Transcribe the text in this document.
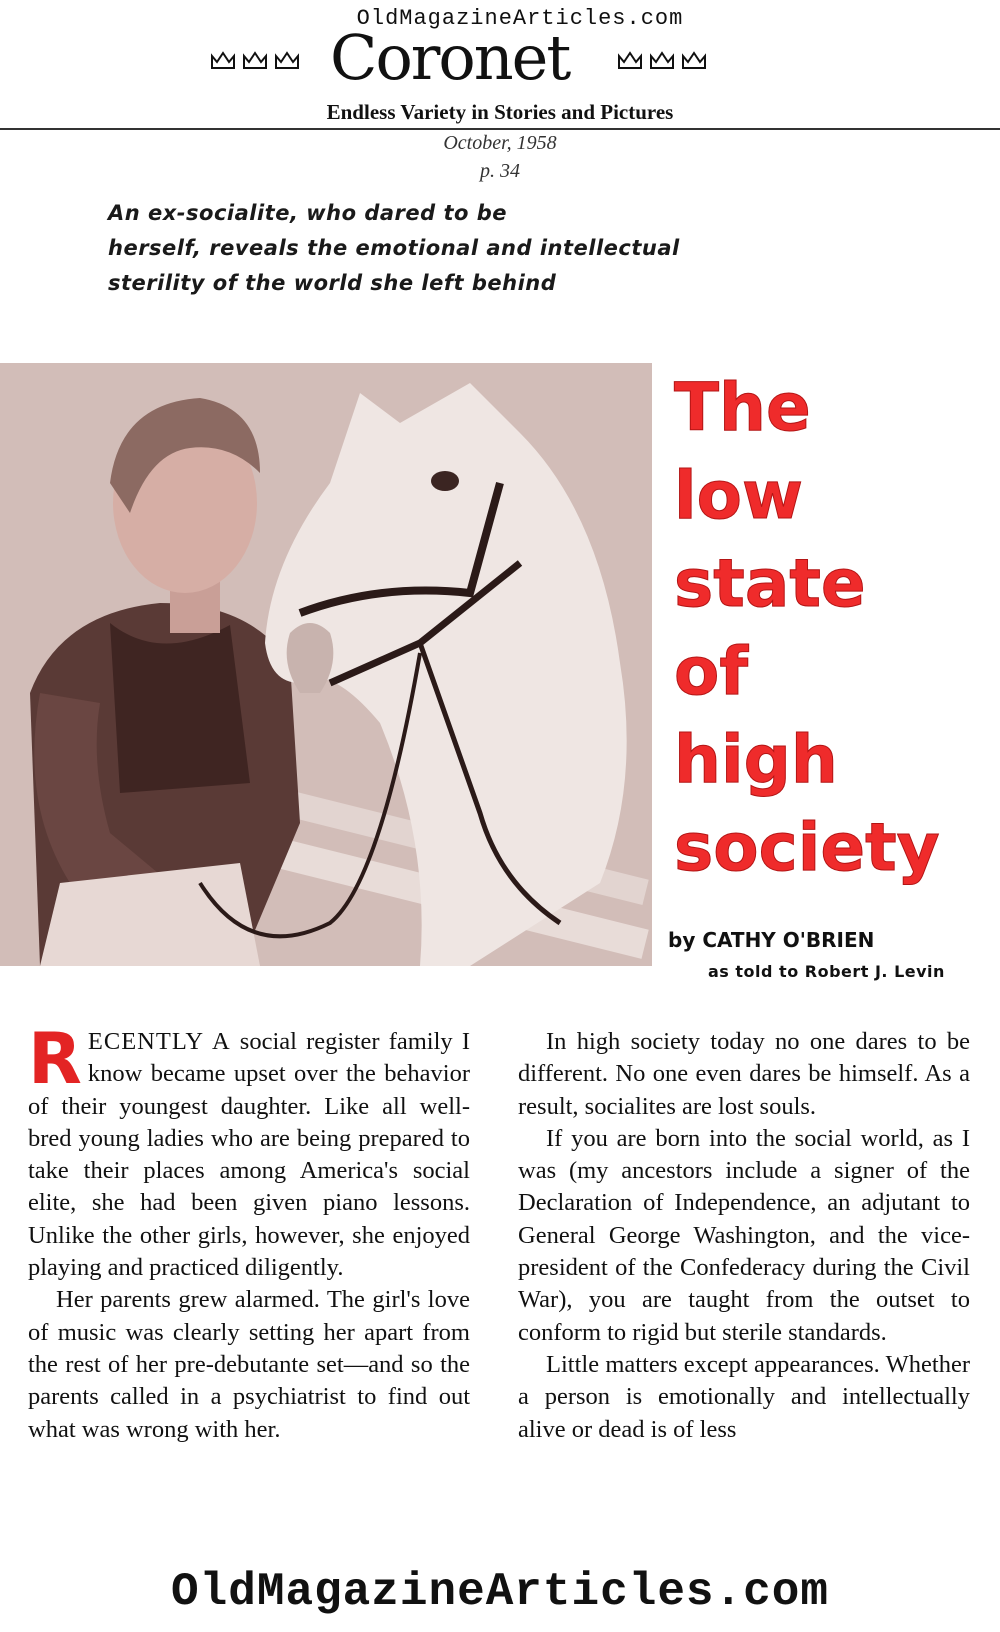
OldMagazineArticles.com
Coronet
Endless Variety in Stories and Pictures
October, 1958
p. 34
An ex-socialite, who dared to be
herself, reveals the emotional and intellectual
sterility of the world she left behind
The
low
state
of
high
society
by CATHY O'BRIEN
as told to Robert J. Levin

RECENTLY A social register family I know became upset over the behavior of their youngest daughter. Like all well-bred young ladies who are being prepared to take their places among America's social elite, she had been given piano lessons. Unlike the other girls, however, she enjoyed playing and practiced diligently.

Her parents grew alarmed. The girl's love of music was clearly setting her apart from the rest of her pre-debutante set—and so the parents called in a psychiatrist to find out what was wrong with her.

In high society today no one dares to be different. No one even dares be himself. As a result, socialites are lost souls.

If you are born into the social world, as I was (my ancestors include a signer of the Declaration of Independence, an adjutant to General George Washington, and the vice-president of the Confederacy during the Civil War), you are taught from the outset to conform to rigid but sterile standards.

Little matters except appearances. Whether a person is emotionally and intellectually alive or dead is of less

OldMagazineArticles.com
